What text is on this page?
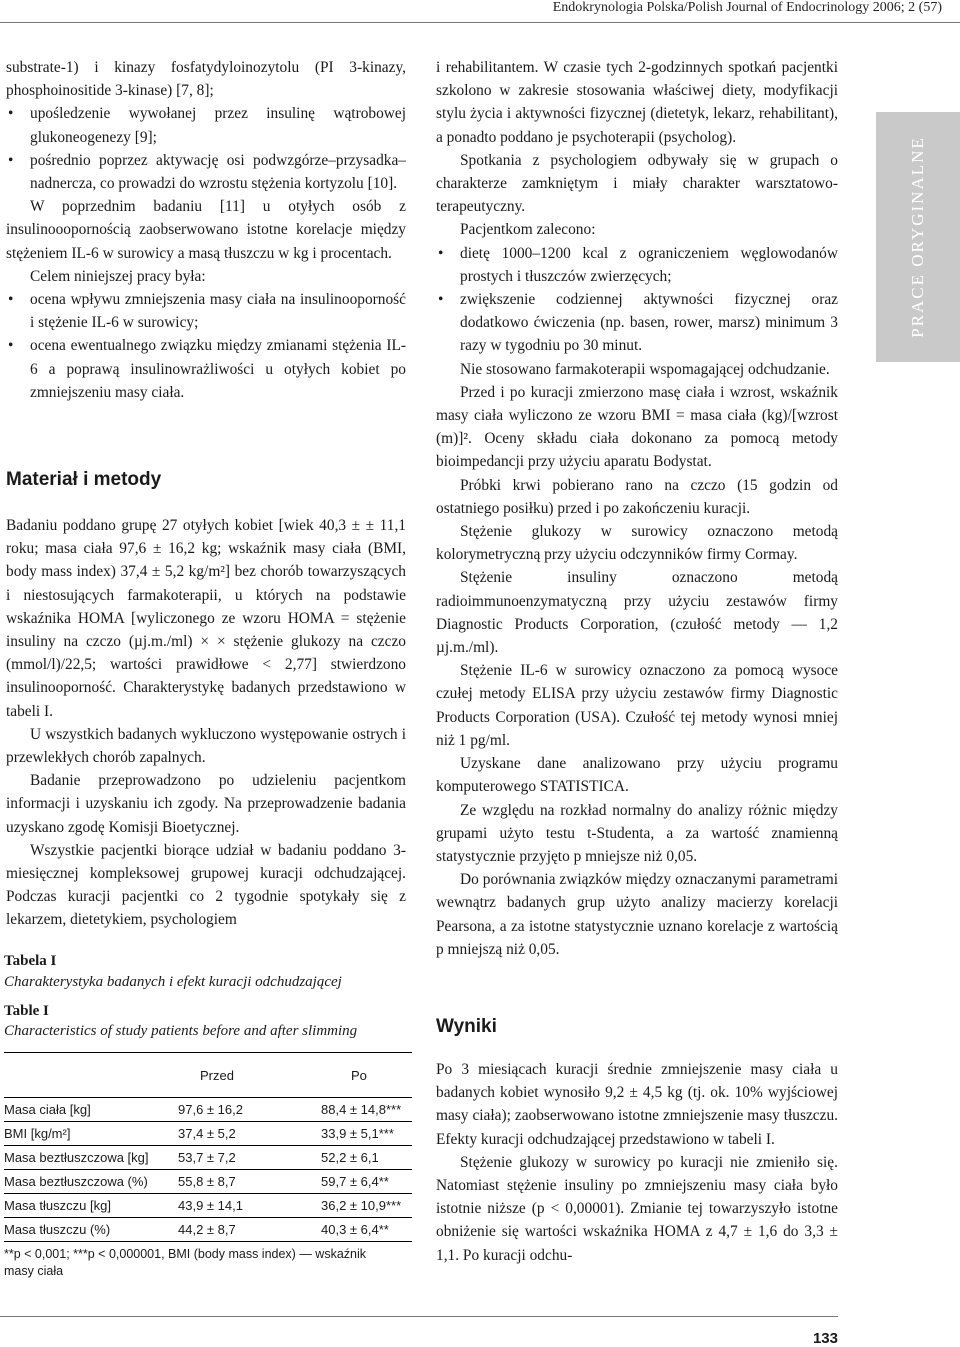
Endokrynologia Polska/Polish Journal of Endocrinology 2006; 2 (57)
PRACE ORYGINALNE

substrate-1) i kinazy fosfatydyloinozytolu (PI 3-kinazy, phosphoinositide 3-kinase) [7, 8];

• upośledzenie wywołanej przez insulinę wątrobowej glukoneogenezy [9];

• pośrednio poprzez aktywację osi podwzgórze–przysadka–nadnercza, co prowadzi do wzrostu stężenia kortyzolu [10].

W poprzednim badaniu [11] u otyłych osób z insulinooopornością zaobserwowano istotne korelacje między stężeniem IL-6 w surowicy a masą tłuszczu w kg i procentach.

Celem niniejszej pracy była:

• ocena wpływu zmniejszenia masy ciała na insulinooporność i stężenie IL-6 w surowicy;

• ocena ewentualnego związku między zmianami stężenia IL-6 a poprawą insulinowrażliwości u otyłych kobiet po zmniejszeniu masy ciała.

Materiał i metody

Badaniu poddano grupę 27 otyłych kobiet [wiek 40,3 ± ± 11,1 roku; masa ciała 97,6 ± 16,2 kg; wskaźnik masy ciała (BMI, body mass index) 37,4 ± 5,2 kg/m²] bez chorób towarzyszących i niestosujących farmakoterapii, u których na podstawie wskaźnika HOMA [wyliczonego ze wzoru HOMA = stężenie insuliny na czczo (µj.m./ml) × × stężenie glukozy na czczo (mmol/l)/22,5; wartości prawidłowe < 2,77] stwierdzono insulinooporność. Charakterystykę badanych przedstawiono w tabeli I.

U wszystkich badanych wykluczono występowanie ostrych i przewlekłych chorób zapalnych.

Badanie przeprowadzono po udzieleniu pacjentkom informacji i uzyskaniu ich zgody. Na przeprowadzenie badania uzyskano zgodę Komisji Bioetycznej.

Wszystkie pacjentki biorące udział w badaniu poddano 3-miesięcznej kompleksowej grupowej kuracji odchudzającej. Podczas kuracji pacjentki co 2 tygodnie spotykały się z lekarzem, dietetykiem, psychologiem

Tabela I
Charakterystyka badanych i efekt kuracji odchudzającej
Table I
Characteristics of study patients before and after slimming
	Przed	Po
Masa ciała [kg]	97,6 ± 16,2	88,4 ± 14,8***
BMI [kg/m²]	37,4 ± 5,2	33,9 ± 5,1***
Masa beztłuszczowa [kg]	53,7 ± 7,2	52,2 ± 6,1
Masa beztłuszczowa (%)	55,8 ± 8,7	59,7 ± 6,4**
Masa tłuszczu [kg]	43,9 ± 14,1	36,2 ± 10,9***
Masa tłuszczu (%)	44,2 ± 8,7	40,3 ± 6,4**
**p < 0,001; ***p < 0,000001, BMI (body mass index) — wskaźnik masy ciała

i rehabilitantem. W czasie tych 2-godzinnych spotkań pacjentki szkolono w zakresie stosowania właściwej diety, modyfikacji stylu życia i aktywności fizycznej (dietetyk, lekarz, rehabilitant), a ponadto poddano je psychoterapii (psycholog).

Spotkania z psychologiem odbywały się w grupach o charakterze zamkniętym i miały charakter warsztatowo-terapeutyczny.

Pacjentkom zalecono:

• dietę 1000–1200 kcal z ograniczeniem węglowodanów prostych i tłuszczów zwierzęcych;

• zwiększenie codziennej aktywności fizycznej oraz dodatkowo ćwiczenia (np. basen, rower, marsz) minimum 3 razy w tygodniu po 30 minut.

Nie stosowano farmakoterapii wspomagającej odchudzanie.

Przed i po kuracji zmierzono masę ciała i wzrost, wskaźnik masy ciała wyliczono ze wzoru BMI = masa ciała (kg)/[wzrost (m)]². Oceny składu ciała dokonano za pomocą metody bioimpedancji przy użyciu aparatu Bodystat.

Próbki krwi pobierano rano na czczo (15 godzin od ostatniego posiłku) przed i po zakończeniu kuracji.

Stężenie glukozy w surowicy oznaczono metodą kolorymetryczną przy użyciu odczynników firmy Cormay.

Stężenie insuliny oznaczono metodą radioimmunoenzymatyczną przy użyciu zestawów firmy Diagnostic Products Corporation, (czułość metody — 1,2 µj.m./ml).

Stężenie IL-6 w surowicy oznaczono za pomocą wysoce czułej metody ELISA przy użyciu zestawów firmy Diagnostic Products Corporation (USA). Czułość tej metody wynosi mniej niż 1 pg/ml.

Uzyskane dane analizowano przy użyciu programu komputerowego STATISTICA.

Ze względu na rozkład normalny do analizy różnic między grupami użyto testu t-Studenta, a za wartość znamienną statystycznie przyjęto p mniejsze niż 0,05.

Do porównania związków między oznaczanymi parametrami wewnątrz badanych grup użyto analizy macierzy korelacji Pearsona, a za istotne statystycznie uznano korelacje z wartością p mniejszą niż 0,05.

Wyniki

Po 3 miesiącach kuracji średnie zmniejszenie masy ciała u badanych kobiet wynosiło 9,2 ± 4,5 kg (tj. ok. 10% wyjściowej masy ciała); zaobserwowano istotne zmniejszenie masy tłuszczu. Efekty kuracji odchudzającej przedstawiono w tabeli I.

Stężenie glukozy w surowicy po kuracji nie zmieniło się. Natomiast stężenie insuliny po zmniejszeniu masy ciała było istotnie niższe (p < 0,00001). Zmianie tej towarzyszyło istotne obniżenie się wartości wskaźnika HOMA z 4,7 ± 1,6 do 3,3 ± 1,1. Po kuracji odchu-

133
